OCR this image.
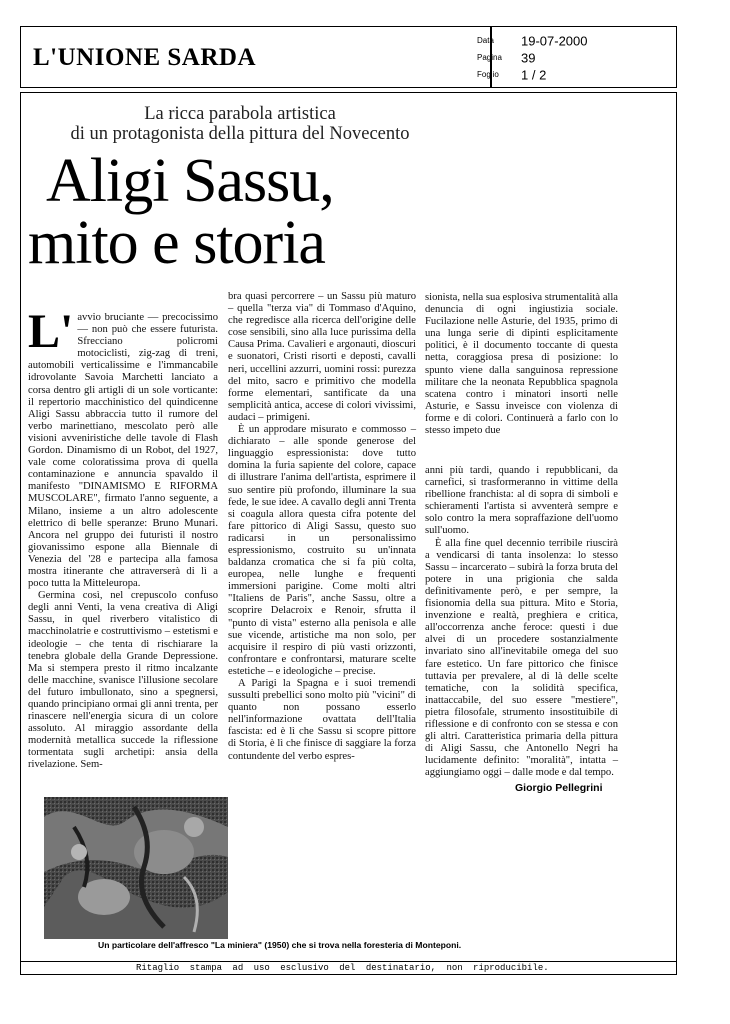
L'UNIONE SARDA
Data 19-07-2000
Pagina 39
Foglio 1 / 2
La ricca parabola artistica
di un protagonista della pittura del Novecento
Aligi Sassu,
mito e storia

L' avvio bruciante — precocissimo — non può che essere futurista. Sfrecciano policromi motociclisti, zig-zag di treni, automobili verticalissime e l'immancabile idrovolante Savoia Marchetti lanciato a corsa dentro gli artigli di un sole vorticante: il repertorio macchinistico del quindicenne Aligi Sassu abbraccia tutto il rumore del verbo marinettiano, mescolato però alle visioni avveniristiche delle tavole di Flash Gordon. Dinamismo di un Robot, del 1927, vale come coloratissima prova di quella contaminazione e annuncia spavaldo il manifesto "DINAMISMO E RIFORMA MUSCOLARE", firmato l'anno seguente, a Milano, insieme a un altro adolescente elettrico di belle speranze: Bruno Munari. Ancora nel gruppo dei futuristi il nostro giovanissimo espone alla Biennale di Venezia del '28 e partecipa alla famosa mostra itinerante che attraverserà di lì a poco tutta la Mitteleuropa.

Germina così, nel crepuscolo confuso degli anni Venti, la vena creativa di Aligi Sassu, in quel riverbero vitalistico di macchinolatrie e costruttivismo – estetismi e ideologie – che tenta di rischiarare la tenebra globale della Grande Depressione. Ma si stempera presto il ritmo incalzante delle macchine, svanisce l'illusione secolare del futuro imbullonato, sino a spegnersi, quando principiano ormai gli anni trenta, per rinascere nell'energia sicura di un colore assoluto. Al miraggio assordante della modernità metallica succede la riflessione tormentata sugli archetipi: ansia della rivelazione. Sem-

bra quasi percorrere – un Sassu più maturo – quella "terza via" di Tommaso d'Aquino, che regredisce alla ricerca dell'origine delle cose sensibili, sino alla luce purissima della Causa Prima. Cavalieri e argonauti, dioscuri e suonatori, Cristi risorti e deposti, cavalli neri, uccellini azzurri, uomini rossi: purezza del mito, sacro e primitivo che modella forme elementari, santificate da una semplicità antica, accese di colori vivissimi, audaci – primigeni.

È un approdare misurato e commosso – dichiarato – alle sponde generose del linguaggio espressionista: dove tutto domina la furia sapiente del colore, capace di illustrare l'anima dell'artista, esprimere il suo sentire più profondo, illuminare la sua fede, le sue idee. A cavallo degli anni Trenta si coagula allora questa cifra potente del fare pittorico di Aligi Sassu, questo suo radicarsi in un personalissimo espressionismo, costruito su un'innata baldanza cromatica che si fa più colta, europea, nelle lunghe e frequenti immersioni parigine. Come molti altri "Italiens de Paris", anche Sassu, oltre a scoprire Delacroix e Renoir, sfrutta il "punto di vista" esterno alla penisola e alle sue vicende, artistiche ma non solo, per acquisire il respiro di più vasti orizzonti, confrontare e confrontarsi, maturare scelte estetiche – e ideologiche – precise.

A Parigi la Spagna e i suoi tremendi sussulti prebellici sono molto più "vicini" di quanto non possano esserlo nell'informazione ovattata dell'Italia fascista: ed è lì che Sassu si scopre pittore di Storia, è lì che finisce di saggiare la forza contundente del verbo espres-

sionista, nella sua esplosiva strumentalità alla denuncia di ogni ingiustizia sociale. Fucilazione nelle Asturie, del 1935, primo di una lunga serie di dipinti esplicitamente politici, è il documento toccante di questa netta, coraggiosa presa di posizione: lo spunto viene dalla sanguinosa repressione militare che la neonata Repubblica spagnola scatena contro i minatori insorti nelle Asturie, e Sassu inveisce con violenza di forme e di colori. Continuerà a farlo con lo stesso impeto due

anni più tardi, quando i repubblicani, da carnefici, si trasformeranno in vittime della ribellione franchista: al di sopra di simboli e schieramenti l'artista si avventerà sempre e solo contro la mera sopraffazione dell'uomo sull'uomo.

È alla fine quel decennio terribile riuscirà a vendicarsi di tanta insolenza: lo stesso Sassu – incarcerato – subirà la forza bruta del potere in una prigionia che salda definitivamente però, e per sempre, la fisionomia della sua pittura. Mito e Storia, invenzione e realtà, preghiera e critica, all'occorrenza anche feroce: questi i due alvei di un procedere sostanzialmente invariato sino all'inevitabile omega del suo fare estetico. Un fare pittorico che finisce tuttavia per prevalere, al di là delle scelte tematiche, con la solidità specifica, inattaccabile, del suo essere "mestiere", pietra filosofale, strumento insostituibile di riflessione e di confronto con se stessa e con gli altri. Caratteristica primaria della pittura di Aligi Sassu, che Antonello Negri ha lucidamente definito: "moralità", intatta – aggiungiamo oggi – dalle mode e dal tempo.

Giorgio Pellegrini
Un particolare dell'affresco "La miniera" (1950) che si trova nella foresteria di Monteponi.
Ritaglio stampa ad uso esclusivo del destinatario, non riproducibile.
